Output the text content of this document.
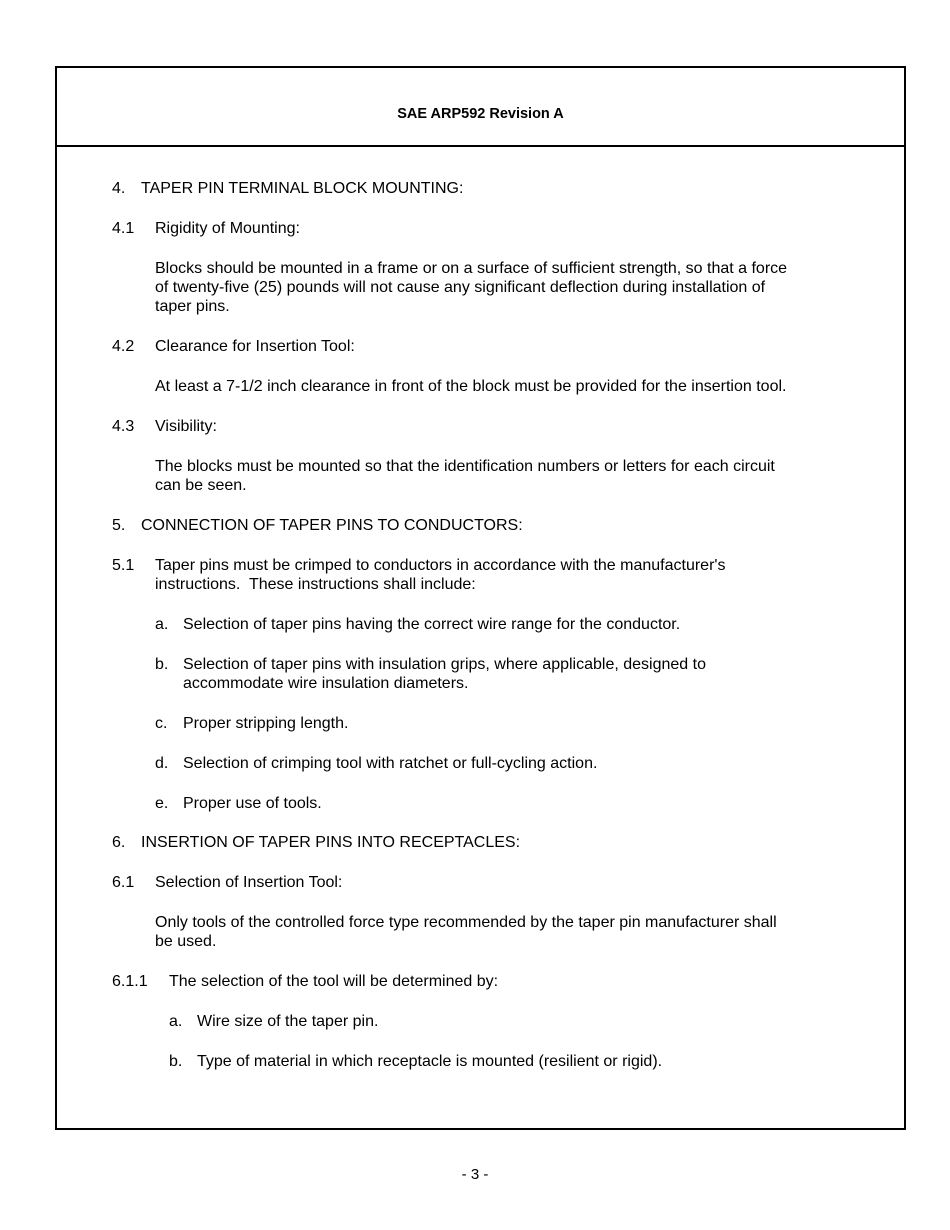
SAE ARP592 Revision A
4. TAPER PIN TERMINAL BLOCK MOUNTING:
4.1 Rigidity of Mounting:
Blocks should be mounted in a frame or on a surface of sufficient strength, so that a force
of twenty-five (25) pounds will not cause any significant deflection during installation of
taper pins.
4.2 Clearance for Insertion Tool:
At least a 7-1/2 inch clearance in front of the block must be provided for the insertion tool.
4.3 Visibility:
The blocks must be mounted so that the identification numbers or letters for each circuit
can be seen.
5. CONNECTION OF TAPER PINS TO CONDUCTORS:
5.1 Taper pins must be crimped to conductors in accordance with the manufacturer's
instructions.  These instructions shall include:
a. Selection of taper pins having the correct wire range for the conductor.
b. Selection of taper pins with insulation grips, where applicable, designed to
accommodate wire insulation diameters.
c. Proper stripping length.
d. Selection of crimping tool with ratchet or full-cycling action.
e. Proper use of tools.
6. INSERTION OF TAPER PINS INTO RECEPTACLES:
6.1 Selection of Insertion Tool:
Only tools of the controlled force type recommended by the taper pin manufacturer shall
be used.
6.1.1 The selection of the tool will be determined by:
a. Wire size of the taper pin.
b. Type of material in which receptacle is mounted (resilient or rigid).
- 3 -
